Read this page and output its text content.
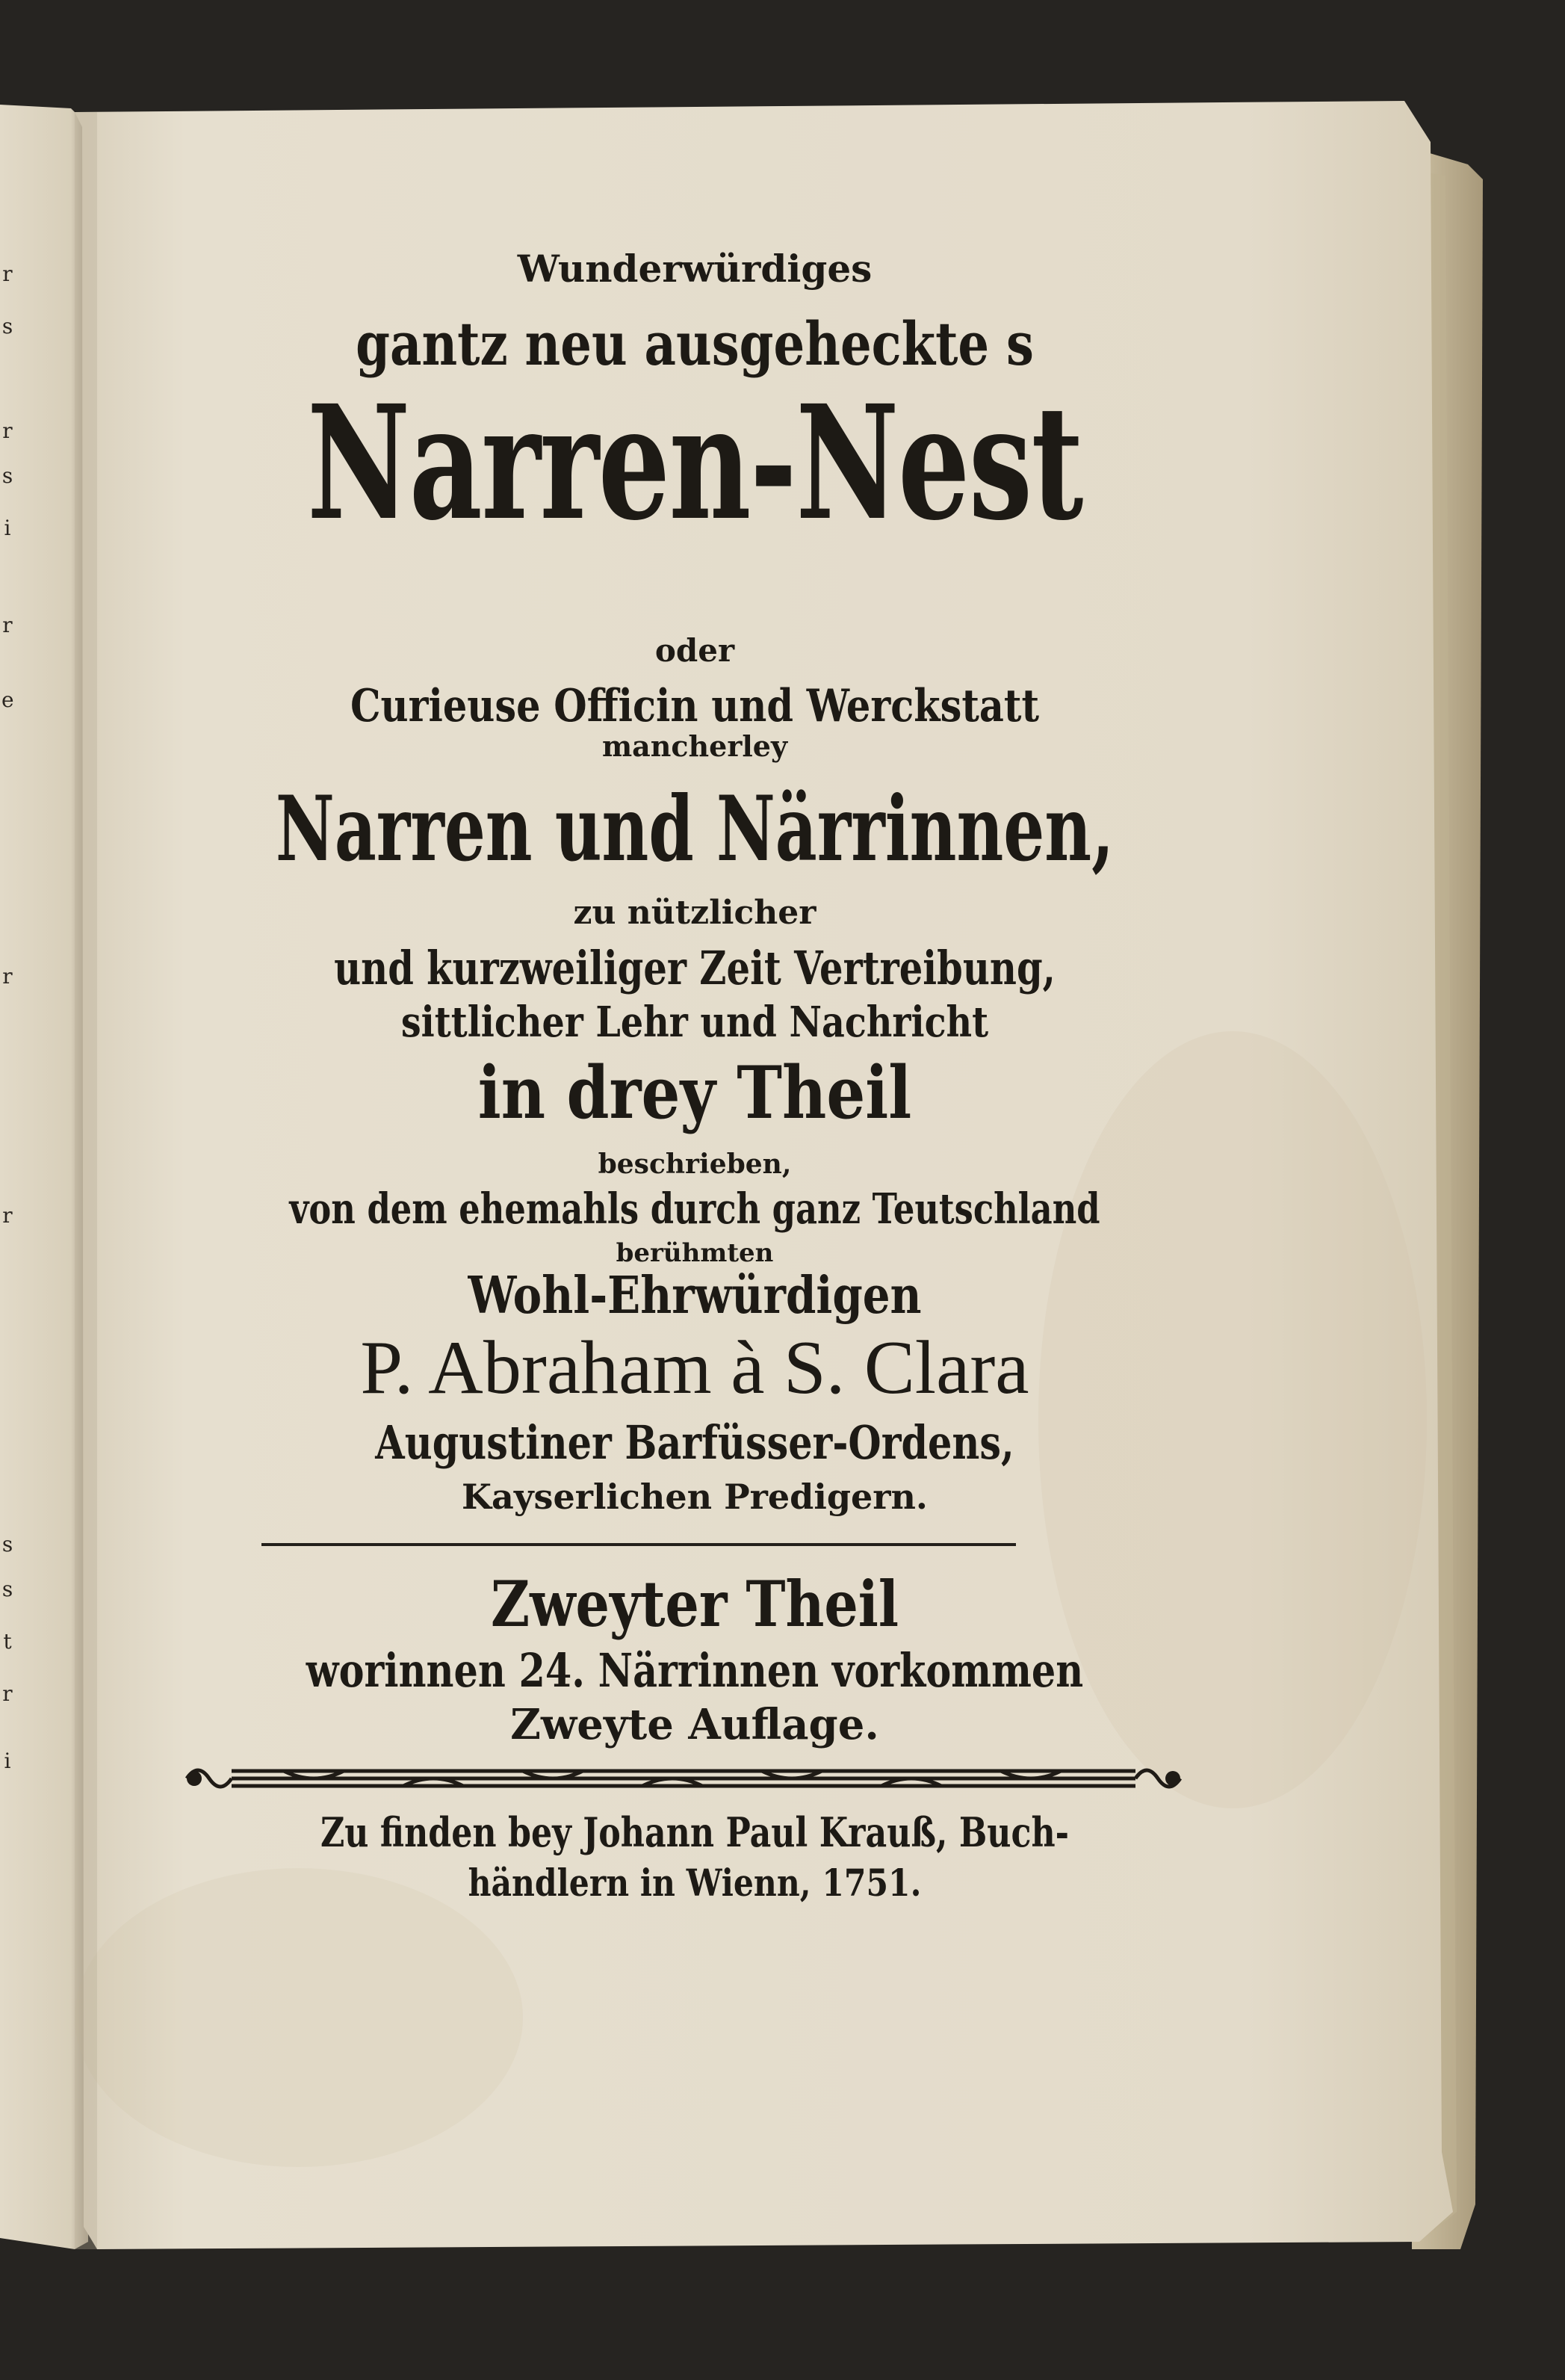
r
s
r
s
i
r
e
r
r
s
s
t
r
i
Wunderwürdiges
gantz neu ausgeheckte s
Narren-Nest
oder
Curieuse Officin und Werckstatt
mancherley
Narren und Närrinnen,
zu nützlicher
und kurzweiliger Zeit Vertreibung,
sittlicher Lehr und Nachricht
in drey Theil
beschrieben,
von dem ehemahls durch ganz Teutschland
berühmten
Wohl-Ehrwürdigen
P. Abraham à S. Clara
Augustiner Barfüsser-Ordens,
Kayserlichen Predigern.
Zweyter Theil
worinnen 24. Närrinnen vorkommen
Zweyte Auflage.
Zu finden bey Johann Paul Krauß, Buch-
händlern in Wienn, 1751.
